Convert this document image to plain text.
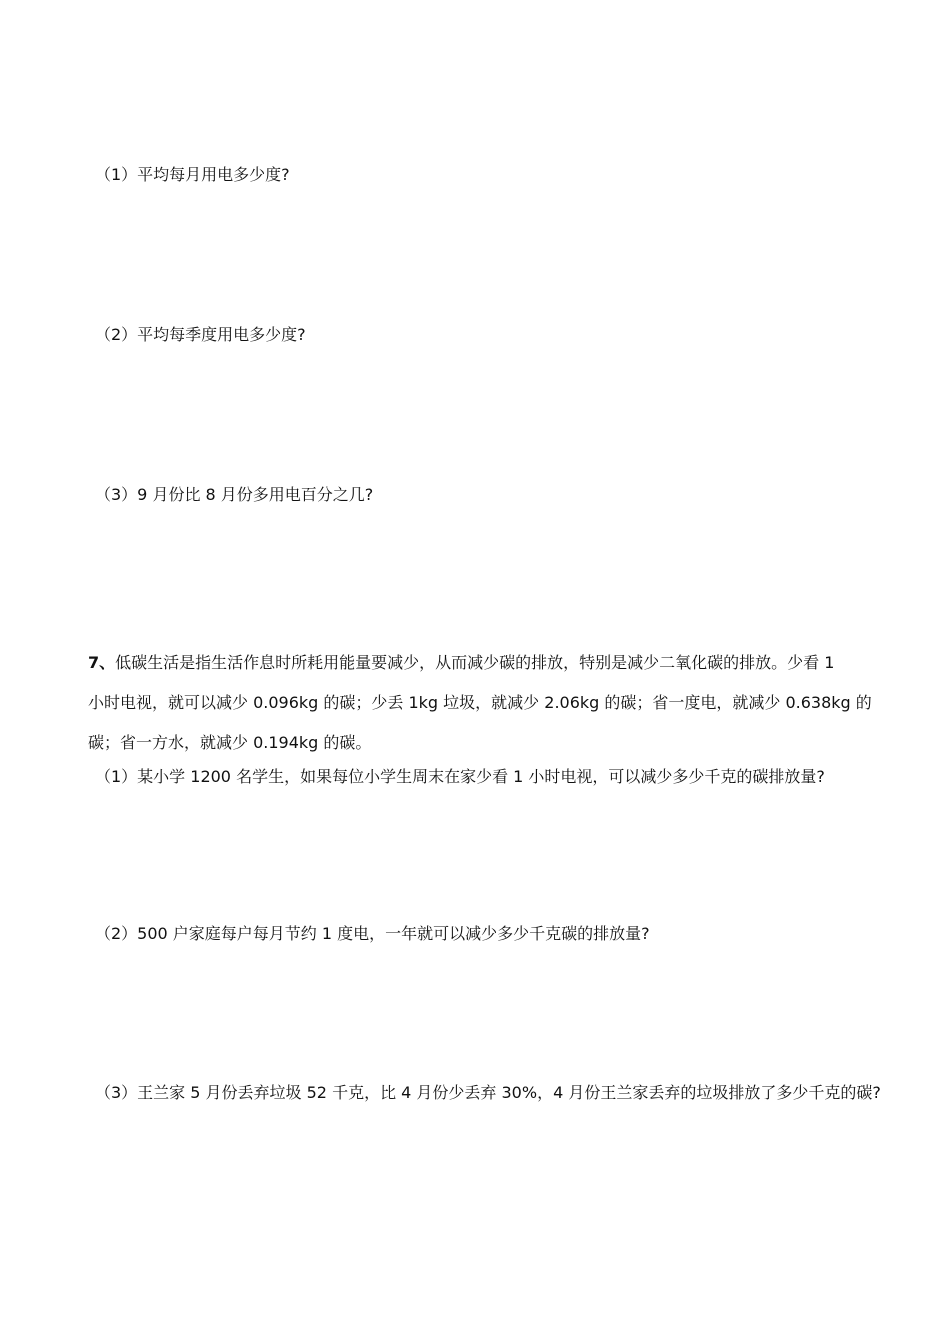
（1）平均每月用电多少度?
（2）平均每季度用电多少度?
（3）9 月份比 8 月份多用电百分之几?
7、低碳生活是指生活作息时所耗用能量要减少，从而减少碳的排放，特别是减少二氧化碳的排放。少看 1
小时电视，就可以减少 0.096kg 的碳；少丢 1kg 垃圾，就减少 2.06kg 的碳；省一度电，就减少 0.638kg 的
碳；省一方水，就减少 0.194kg 的碳。
（1）某小学 1200 名学生，如果每位小学生周末在家少看 1 小时电视，可以减少多少千克的碳排放量?
（2）500 户家庭每户每月节约 1 度电，一年就可以减少多少千克碳的排放量?
（3）王兰家 5 月份丢弃垃圾 52 千克，比 4 月份少丢弃 30%，4 月份王兰家丢弃的垃圾排放了多少千克的碳?
